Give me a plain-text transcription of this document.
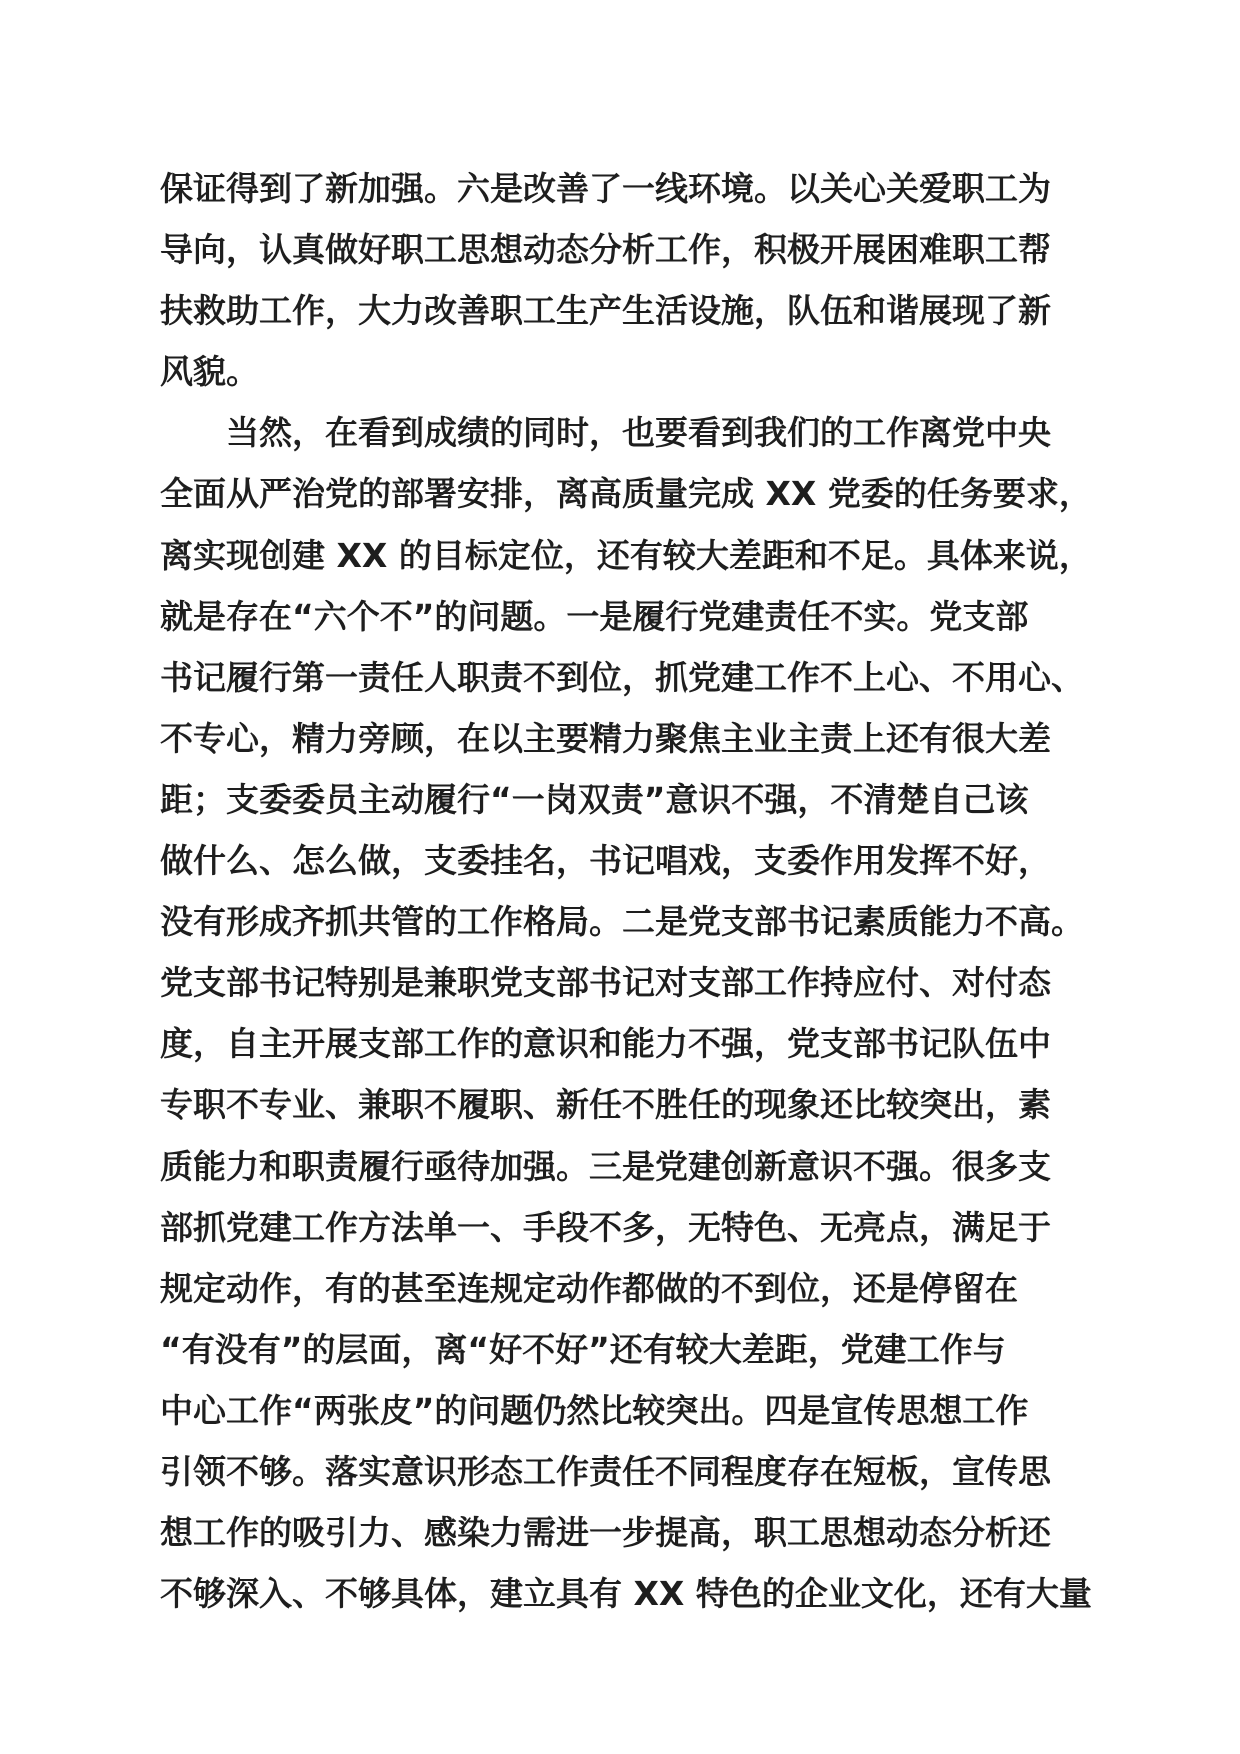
保证得到了新加强。六是改善了一线环境。以关心关爱职工为
导向，认真做好职工思想动态分析工作，积极开展困难职工帮
扶救助工作，大力改善职工生产生活设施，队伍和谐展现了新
风貌。
当然，在看到成绩的同时，也要看到我们的工作离党中央
全面从严治党的部署安排，离高质量完成 XX 党委的任务要求，
离实现创建 XX 的目标定位，还有较大差距和不足。具体来说，
就是存在“六个不”的问题。一是履行党建责任不实。党支部
书记履行第一责任人职责不到位，抓党建工作不上心、不用心、
不专心，精力旁顾，在以主要精力聚焦主业主责上还有很大差
距；支委委员主动履行“一岗双责”意识不强，不清楚自己该
做什么、怎么做，支委挂名，书记唱戏，支委作用发挥不好，
没有形成齐抓共管的工作格局。二是党支部书记素质能力不高。
党支部书记特别是兼职党支部书记对支部工作持应付、对付态
度，自主开展支部工作的意识和能力不强，党支部书记队伍中
专职不专业、兼职不履职、新任不胜任的现象还比较突出，素
质能力和职责履行亟待加强。三是党建创新意识不强。很多支
部抓党建工作方法单一、手段不多，无特色、无亮点，满足于
规定动作，有的甚至连规定动作都做的不到位，还是停留在
“有没有”的层面，离“好不好”还有较大差距，党建工作与
中心工作“两张皮”的问题仍然比较突出。四是宣传思想工作
引领不够。落实意识形态工作责任不同程度存在短板，宣传思
想工作的吸引力、感染力需进一步提高，职工思想动态分析还
不够深入、不够具体，建立具有 XX 特色的企业文化，还有大量
